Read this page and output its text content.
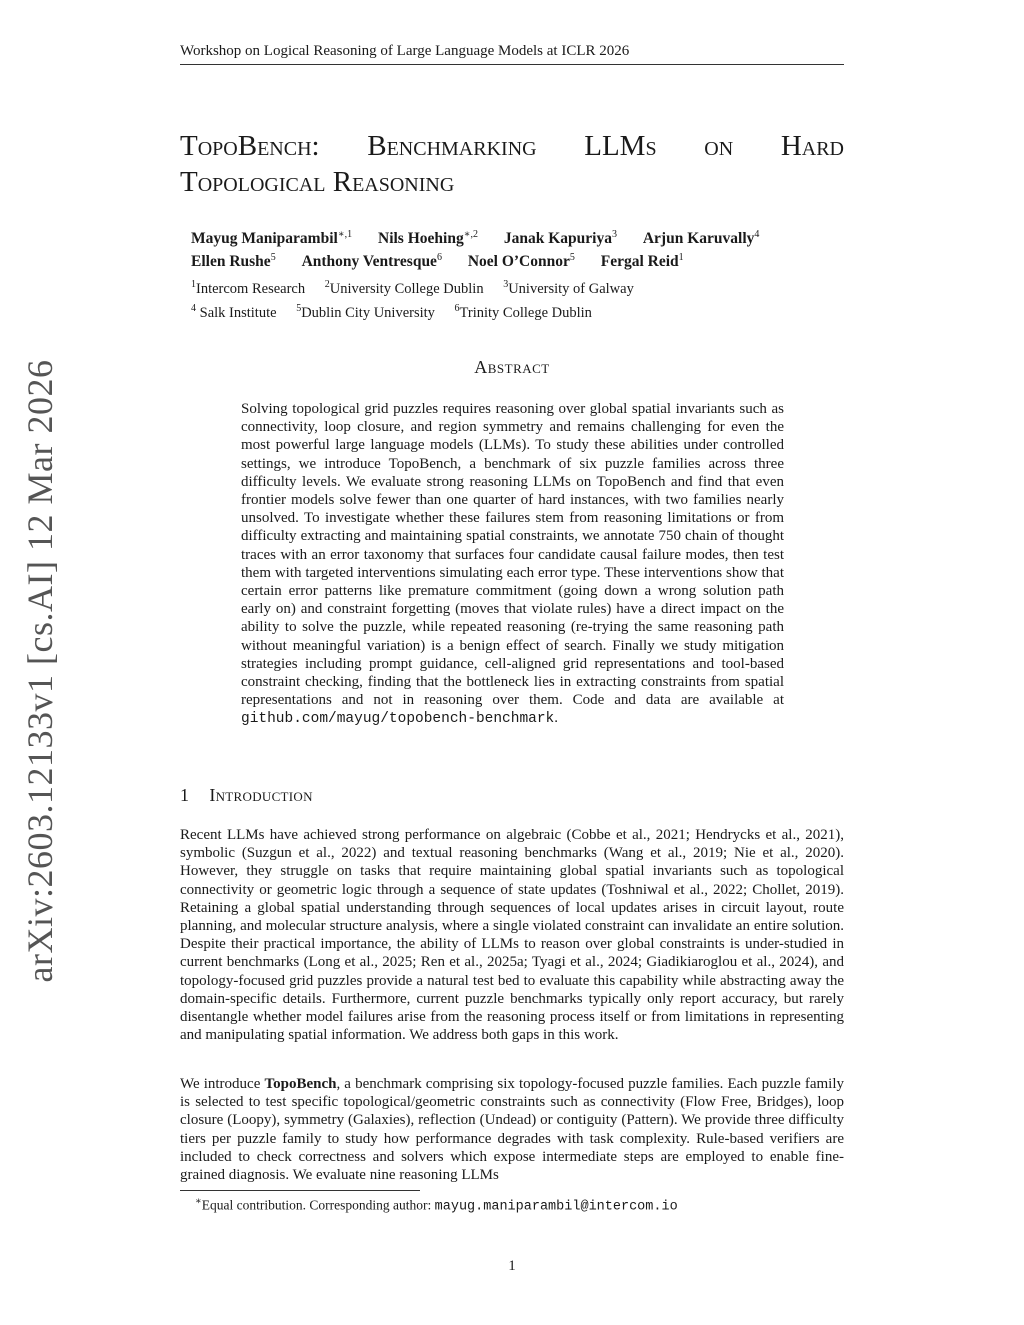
Workshop on Logical Reasoning of Large Language Models at ICLR 2026
arXiv:2603.12133v1 [cs.AI] 12 Mar 2026
TopoBench: Benchmarking LLMs on Hard
Topological Reasoning
Mayug Maniparambil$^{∗,1}$ Nils Hoehing$^{∗,2}$ Janak Kapuriya$^3$ Arjun Karuvally$^4$
Ellen Rushe$^5$ Anthony Ventresque$^6$ Noel O’Connor$^5$ Fergal Reid$^1$
$^1$Intercom Research $^2$University College Dublin $^3$University of Galway
$^4$ Salk Institute $^5$Dublin City University $^6$Trinity College Dublin
Abstract
Solving topological grid puzzles requires reasoning over global spatial invariants such as connectivity, loop closure, and region symmetry and remains challenging for even the most powerful large language models (LLMs). To study these abilities under controlled settings, we introduce TopoBench, a benchmark of six puzzle families across three difficulty levels. We evaluate strong reasoning LLMs on TopoBench and find that even frontier models solve fewer than one quarter of hard instances, with two families nearly unsolved. To investigate whether these failures stem from reasoning limitations or from difficulty extracting and maintaining spatial constraints, we annotate 750 chain of thought traces with an error taxonomy that surfaces four candidate causal failure modes, then test them with targeted interventions simulating each error type. These interventions show that certain error patterns like premature commitment (going down a wrong solution path early on) and constraint forgetting (moves that violate rules) have a direct impact on the ability to solve the puzzle, while repeated reasoning (re-trying the same reasoning path without meaningful variation) is a benign effect of search. Finally we study mitigation strategies including prompt guidance, cell-aligned grid representations and tool-based constraint checking, finding that the bottleneck lies in extracting constraints from spatial representations and not in reasoning over them. Code and data are available at github.com/mayug/topobench-benchmark.
1 Introduction
Recent LLMs have achieved strong performance on algebraic (Cobbe et al., 2021; Hendrycks et al., 2021), symbolic (Suzgun et al., 2022) and textual reasoning benchmarks (Wang et al., 2019; Nie et al., 2020). However, they struggle on tasks that require maintaining global spatial invariants such as topological connectivity or geometric logic through a sequence of state updates (Toshniwal et al., 2022; Chollet, 2019). Retaining a global spatial understanding through sequences of local updates arises in circuit layout, route planning, and molecular structure analysis, where a single violated constraint can invalidate an entire solution. Despite their practical importance, the ability of LLMs to reason over global constraints is under-studied in current benchmarks (Long et al., 2025; Ren et al., 2025a; Tyagi et al., 2024; Giadikiaroglou et al., 2024), and topology-focused grid puzzles provide a natural test bed to evaluate this capability while abstracting away the domain-specific details. Furthermore, current puzzle benchmarks typically only report accuracy, but rarely disentangle whether model failures arise from the reasoning process itself or from limitations in representing and manipulating spatial information. We address both gaps in this work.
We introduce TopoBench, a benchmark comprising six topology-focused puzzle families. Each puzzle family is selected to test specific topological/geometric constraints such as connectivity (Flow Free, Bridges), loop closure (Loopy), symmetry (Galaxies), reflection (Undead) or contiguity (Pattern). We provide three difficulty tiers per puzzle family to study how performance degrades with task complexity. Rule-based verifiers are included to check correctness and solvers which expose intermediate steps are employed to enable fine-grained diagnosis. We evaluate nine reasoning LLMs
∗Equal contribution. Corresponding author: mayug.maniparambil@intercom.io
1
